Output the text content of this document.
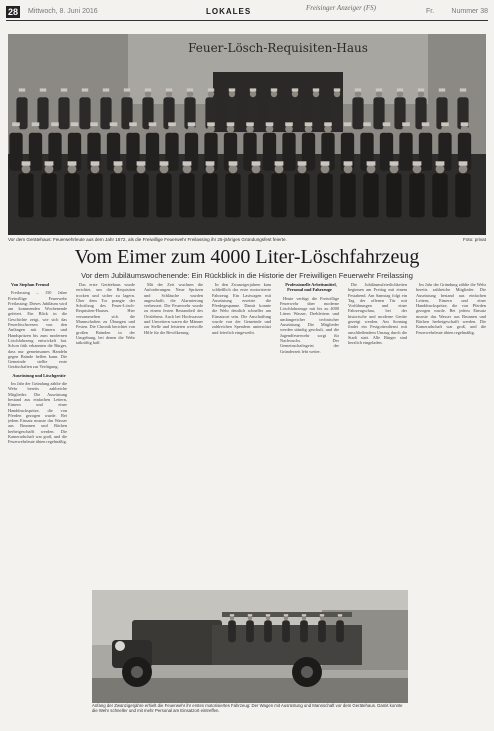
28 Mittwoch, 8. Juni 2016	LOKALES	Freisinger Anzeiger (FS)	Fr. Nummer 38
Feuer-Lösch-Requisiten-Haus
Vor dem Gerätehaus: Feuerwehrleute aus dem Jahr 1872, als die Freiwillige Feuerwehr Freilassing ihr 25-jähriges Gründungsfest feierte.	Foto: privat
Vom Eimer zum 4000 Liter-Löschfahrzeug
Vor dem Jubiläumswochenende: Ein Rückblick in die Historie der Freiwilligen Feuerwehr Freilassing

Von Stephan Freund

Freilassing – 150 Jahre Freiwillige Feuerwehr Freilassing: Dieses Jubiläum wird am kommenden Wochenende gefeiert. Ein Blick in die Geschichte zeigt, wie sich das Feuerlöschwesen von den Anfängen mit Eimern und Handspritzen bis zum modernen Löschfahrzeug entwickelt hat. Schon früh erkannten die Bürger, dass nur gemeinsames Handeln gegen Brände helfen kann. Die Gemeinde stellte erste Gerätschaften zur Verfügung.

Ausrüstung und Löschgeräte

Im Jahr der Gründung zählte die Wehr bereits zahlreiche Mitglieder. Die Ausrüstung bestand aus einfachen Leitern, Eimern und einer Handdruckspritze, die von Pferden gezogen wurde. Bei jedem Einsatz musste das Wasser aus Brunnen und Bächen herbeigeschafft werden. Die Kameradschaft war groß, und die Feuerwehrleute übten regelmäßig.

Das erste Gerätehaus wurde errichtet, um die Requisiten trocken und sicher zu lagern. Über dem Tor prangte der Schriftzug des Feuer-Lösch-Requisiten-Hauses. Hier versammelten sich die Mannschaften zu Übungen und Festen. Die Chronik berichtet von großen Bränden in der Umgebung, bei denen die Wehr tatkräftig half.

Mit der Zeit wuchsen die Anforderungen. Neue Spritzen und Schläuche wurden angeschafft, die Alarmierung verbessert. Die Feuerwehr wurde zu einem festen Bestandteil des Ortslebens. Auch bei Hochwasser und Unwettern waren die Männer zur Stelle und leisteten wertvolle Hilfe für die Bevölkerung.

In den Zwanzigerjahren kam schließlich das erste motorisierte Fahrzeug. Ein Lastwagen mit Ausrüstung ersetzte die Pferdegespanne. Damit konnte die Wehr deutlich schneller am Einsatzort sein. Die Anschaffung wurde von der Gemeinde und zahlreichen Spendern unterstützt und feierlich eingeweiht.

Professionelle Arbeitsmittel, Personal und Fahrzeuge

Heute verfügt die Freiwillige Feuerwehr über moderne Löschfahrzeuge mit bis zu 4000 Litern Wasser, Drehleitern und umfangreicher technischer Ausrüstung. Die Mitglieder werden ständig geschult, und die Jugendfeuerwehr sorgt für Nachwuchs. Der Gemeinschaftsgeist der Gründerzeit lebt weiter.

Die Jubiläumsfeierlichkeiten beginnen am Freitag mit einem Festabend. Am Samstag folgt ein Tag der offenen Tür mit Vorführungen und einer Fahrzeugschau, bei der historische und moderne Geräte gezeigt werden. Am Sonntag findet ein Festgottesdienst mit anschließendem Umzug durch die Stadt statt. Alle Bürger sind herzlich eingeladen.

Im Jahr der Gründung zählte die Wehr bereits zahlreiche Mitglieder. Die Ausrüstung bestand aus einfachen Leitern, Eimern und einer Handdruckspritze, die von Pferden gezogen wurde. Bei jedem Einsatz musste das Wasser aus Brunnen und Bächen herbeigeschafft werden. Die Kameradschaft war groß, und die Feuerwehrleute übten regelmäßig.

Anfang der Zwanzigerjahre erhielt die Feuerwehr ihr erstes motorisiertes Fahrzeug: Der Wagen mit Ausrüstung und Mannschaft vor dem Gerätehaus. Damit konnte die Wehr schneller und mit mehr Personal am Einsatzort eintreffen.
